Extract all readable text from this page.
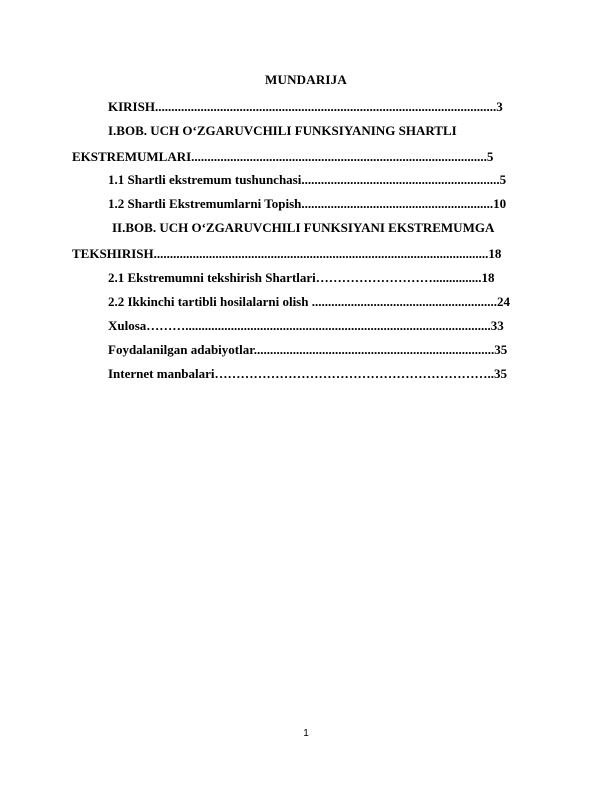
MUNDARIJA
KIRISH.........................................................................................................3
I.BOB. UCH O‘ZGARUVCHILI FUNKSIYANING SHARTLI
EKSTREMUMLARI...........................................................................................5
1.1 Shartli ekstremum tushunchasi.............................................................5
1.2 Shartli Ekstremumlarni Topish...........................................................10
II.BOB. UCH O‘ZGARUVCHILI FUNKSIYANI EKSTREMUMGA
TEKSHIRISH.......................................................................................................18
2.1 Ekstremumni tekshirish Shartlari………………………...............18
2.2 Ikkinchi tartibli hosilalarni olish .........................................................24
Xulosa………..............................................................................................33
Foydalanilgan adabiyotlar..........................................................................35
Internet manbalari………………………………………………………..35
1
